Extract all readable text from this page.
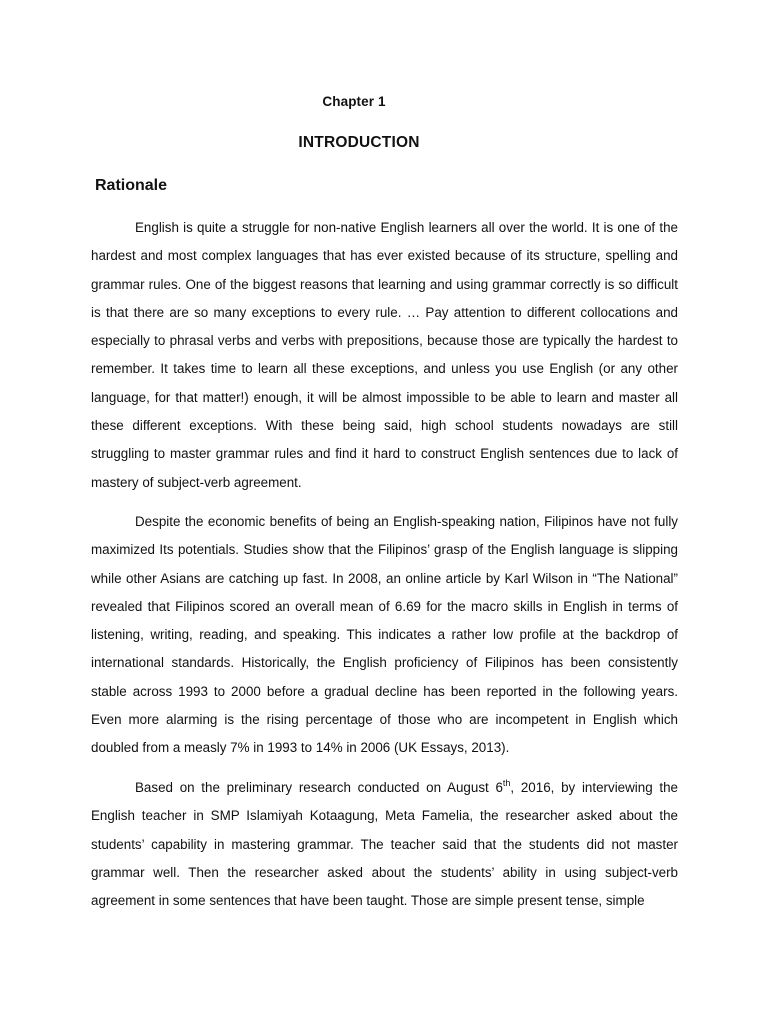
Chapter 1
INTRODUCTION
Rationale

English is quite a struggle for non-native English learners all over the world. It is one of the hardest and most complex languages that has ever existed because of its structure, spelling and grammar rules. One of the biggest reasons that learning and using grammar correctly is so difficult is that there are so many exceptions to every rule. … Pay attention to different collocations and especially to phrasal verbs and verbs with prepositions, because those are typically the hardest to remember. It takes time to learn all these exceptions, and unless you use English (or any other language, for that matter!) enough, it will be almost impossible to be able to learn and master all these different exceptions. With these being said, high school students nowadays are still struggling to master grammar rules and find it hard to construct English sentences due to lack of mastery of subject-verb agreement.

Despite the economic benefits of being an English-speaking nation, Filipinos have not fully maximized Its potentials. Studies show that the Filipinos’ grasp of the English language is slipping while other Asians are catching up fast. In 2008, an online article by Karl Wilson in “The National” revealed that Filipinos scored an overall mean of 6.69 for the macro skills in English in terms of listening, writing, reading, and speaking. This indicates a rather low profile at the backdrop of international standards. Historically, the English proficiency of Filipinos has been consistently stable across 1993 to 2000 before a gradual decline has been reported in the following years. Even more alarming is the rising percentage of those who are incompetent in English which doubled from a measly 7% in 1993 to 14% in 2006 (UK Essays, 2013).

Based on the preliminary research conducted on August 6th, 2016, by interviewing the English teacher in SMP Islamiyah Kotaagung, Meta Famelia, the researcher asked about the students’ capability in mastering grammar. The teacher said that the students did not master grammar well. Then the researcher asked about the students’ ability in using subject-verb agreement in some sentences that have been taught. Those are simple present tense, simple
